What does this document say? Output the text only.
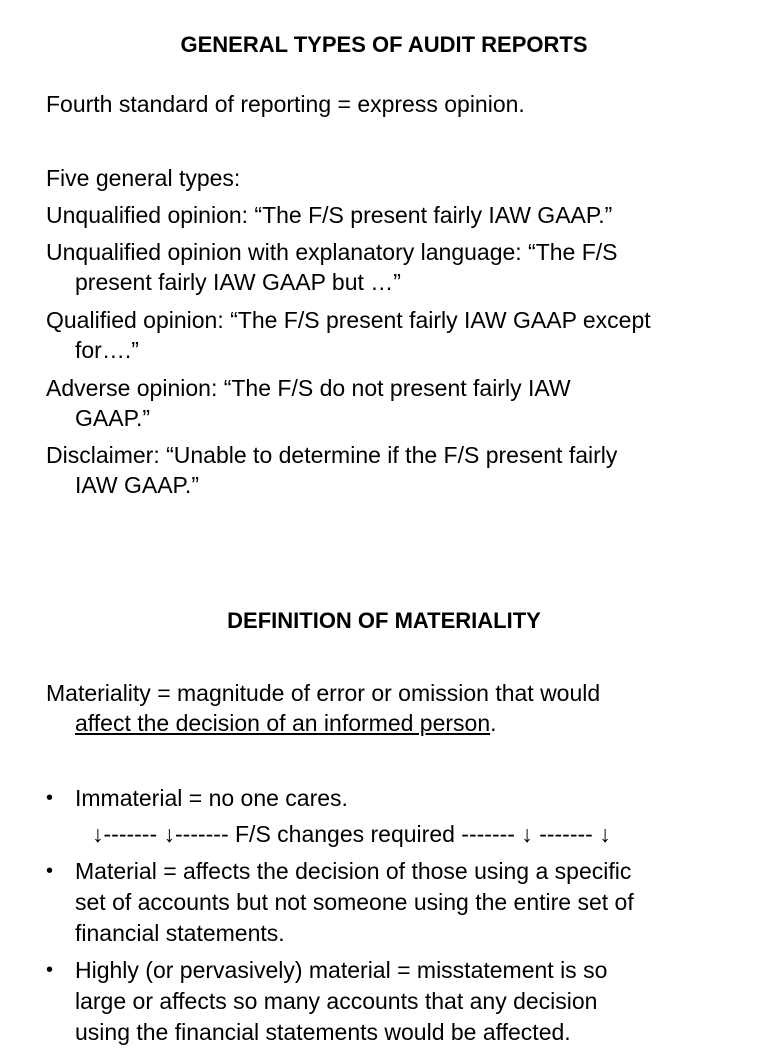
GENERAL TYPES OF AUDIT REPORTS
Fourth standard of reporting = express opinion.
Five general types:
Unqualified opinion: “The F/S present fairly IAW GAAP.”
Unqualified opinion with explanatory language: “The F/S
present fairly IAW GAAP but …”
Qualified opinion: “The F/S present fairly IAW GAAP except
for….”
Adverse opinion: “The F/S do not present fairly IAW
GAAP.”
Disclaimer: “Unable to determine if the F/S present fairly
IAW GAAP.”
DEFINITION OF MATERIALITY
Materiality = magnitude of error or omission that would
affect the decision of an informed person.
• Immaterial = no one cares.
↓------- ↓------- F/S changes required ------- ↓ ------- ↓
• Material = affects the decision of those using a specific
set of accounts but not someone using the entire set of
financial statements.
• Highly (or pervasively) material = misstatement is so
large or affects so many accounts that any decision
using the financial statements would be affected.
